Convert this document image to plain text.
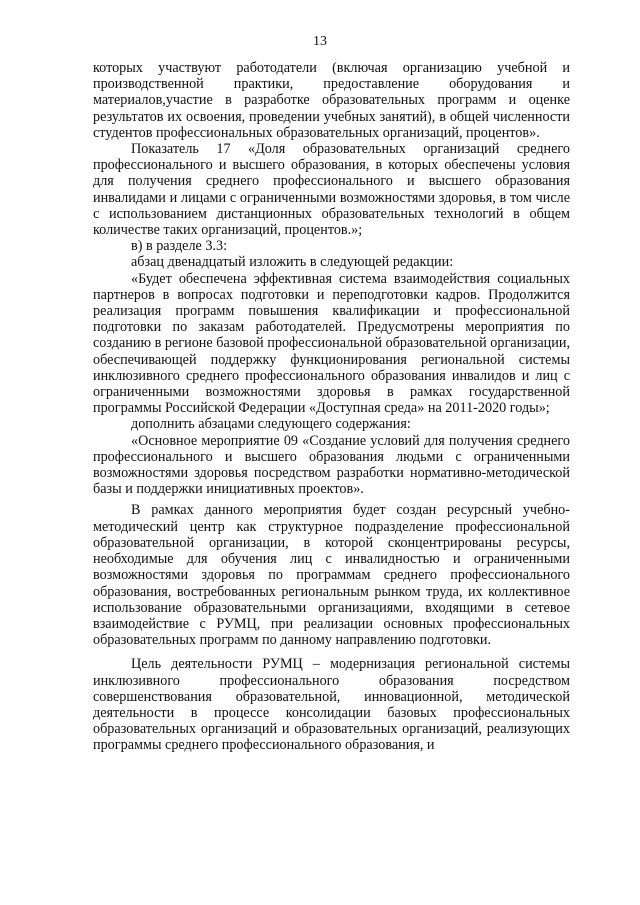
13

которых участвуют работодатели (включая организацию учебной и производственной практики, предоставление оборудования и материалов,участие в разработке образовательных программ и оценке результатов их освоения, проведении учебных занятий), в общей численности студентов профессиональных образовательных организаций, процентов».

Показатель 17 «Доля образовательных организаций среднего профессионального и высшего образования, в которых обеспечены условия для получения среднего профессионального и высшего образования инвалидами и лицами с ограниченными возможностями здоровья, в том числе с использованием дистанционных образовательных технологий в общем количестве таких организаций, процентов.»;

в) в разделе 3.3:

абзац двенадцатый изложить в следующей редакции:

«Будет обеспечена эффективная система взаимодействия социальных партнеров в вопросах подготовки и переподготовки кадров. Продолжится реализация программ повышения квалификации и профессиональной подготовки по заказам работодателей. Предусмотрены мероприятия по созданию в регионе базовой профессиональной образовательной организации, обеспечивающей поддержку функционирования региональной системы инклюзивного среднего профессионального образования инвалидов и лиц с ограниченными возможностями здоровья в рамках государственной программы Российской Федерации «Доступная среда» на 2011-2020 годы»;

дополнить абзацами следующего содержания:

«Основное мероприятие 09 «Создание условий для получения среднего профессионального и высшего образования людьми с ограниченными возможностями здоровья посредством разработки нормативно-методической базы и поддержки инициативных проектов».

В рамках данного мероприятия будет создан ресурсный учебно-методический центр как структурное подразделение профессиональной образовательной организации, в которой сконцентрированы ресурсы, необходимые для обучения лиц с инвалидностью и ограниченными возможностями здоровья по программам среднего профессионального образования, востребованных региональным рынком труда, их коллективное использование образовательными организациями, входящими в сетевое взаимодействие с РУМЦ, при реализации основных профессиональных образовательных программ по данному направлению подготовки.

Цель деятельности РУМЦ – модернизация региональной системы инклюзивного профессионального образования посредством совершенствования образовательной, инновационной, методической деятельности в процессе консолидации базовых профессиональных образовательных организаций и образовательных организаций, реализующих программы среднего профессионального образования, и
